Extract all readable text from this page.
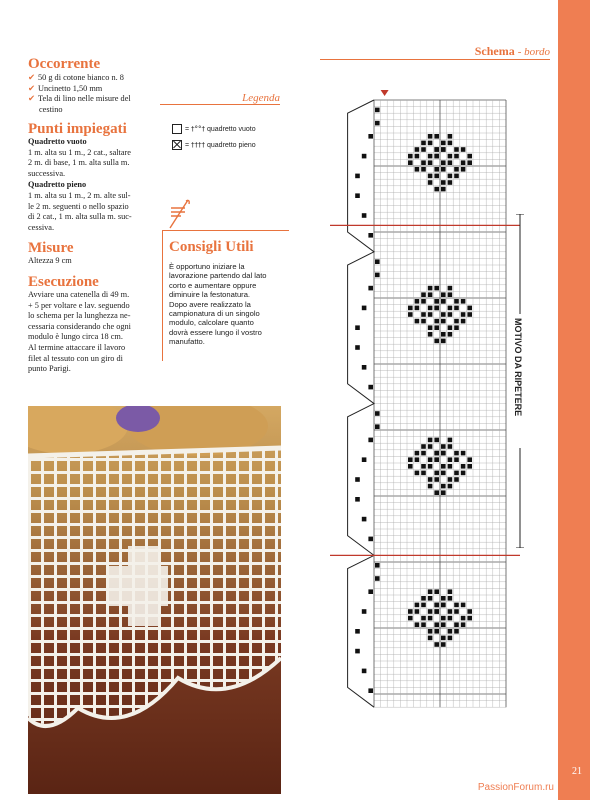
21
PassionForum.ru
Occorrente
✔ 50 g di cotone bianco n. 8
✔ Uncinetto 1,50 mm
✔ Tela di lino nelle misure del
cestino
Punti impiegati
Quadretto vuoto
1 m. alta su 1 m., 2 cat., saltare
2 m. di base, 1 m. alta sulla m.
successiva.
Quadretto pieno
1 m. alta su 1 m., 2 m. alte sul-
le 2 m. seguenti o nello spazio
di 2 cat., 1 m. alta sulla m. suc-
cessiva.
Misure
Altezza 9 cm
Esecuzione
Avviare una catenella di 49 m.
+ 5 per voltare e lav. seguendo
lo schema per la lunghezza ne-
cessaria considerando che ogni
modulo è lungo circa 18 cm.
Al termine attaccare il lavoro
filet al tessuto con un giro di
punto Parigi.
Legenda
= †°°† quadretto vuoto
= †††† quadretto pieno
Consigli Utili
È opportuno iniziare la
lavorazione partendo dal lato
corto e aumentare oppure
diminuire la festonatura.
Dopo avere realizzato la
campionatura di un singolo
modulo, calcolare quanto
dovrà essere lungo il vostro
manufatto.
Schema - bordo
MOTIVO DA RIPETERE
